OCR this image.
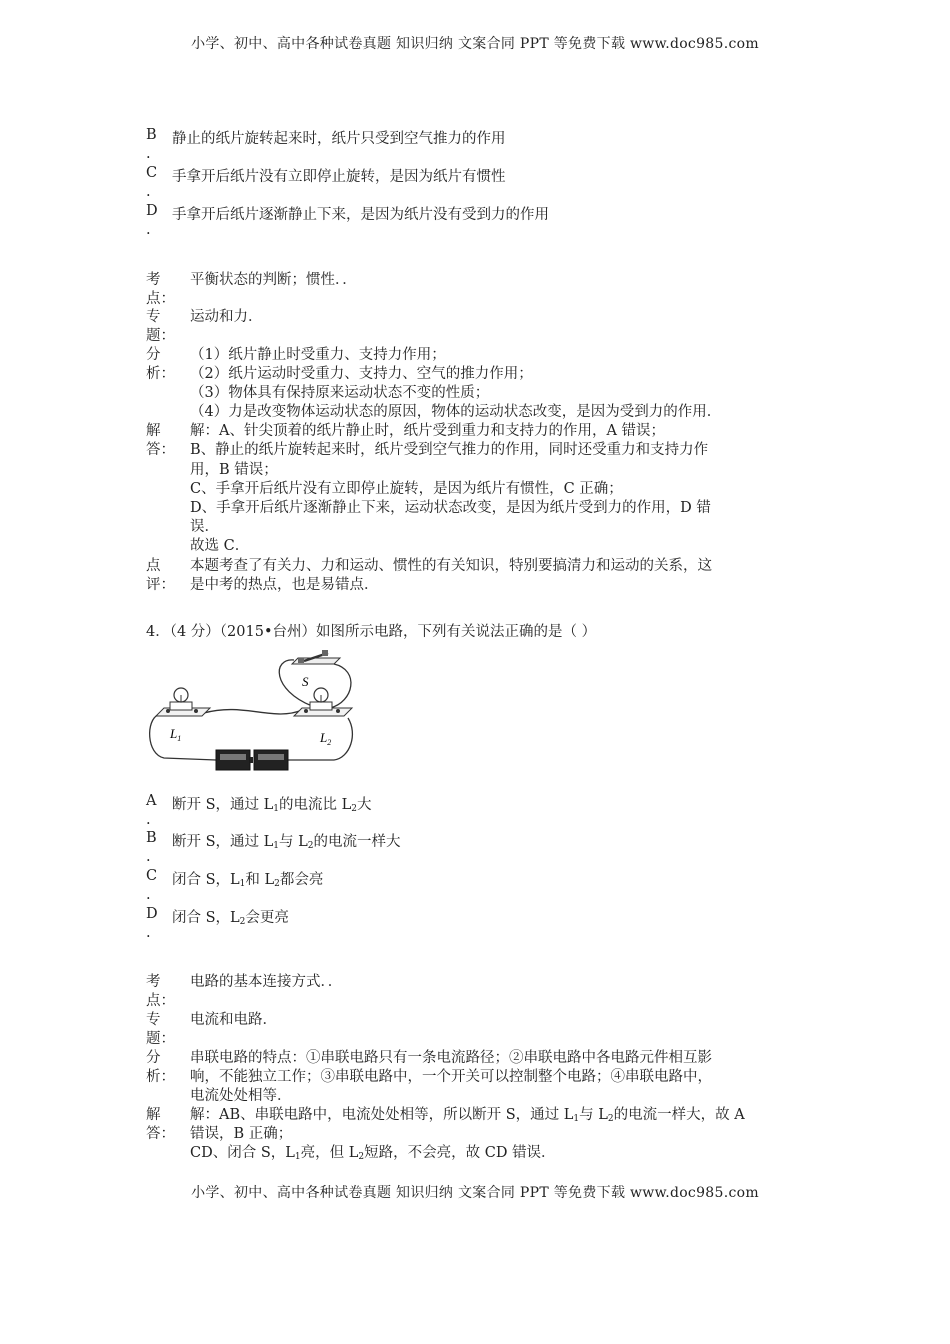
小学、初中、高中各种试卷真题 知识归纳 文案合同 PPT 等免费下载 www.doc985.com
B
.
静止的纸片旋转起来时，纸片只受到空气推力的作用
C
.
手拿开后纸片没有立即停止旋转，是因为纸片有惯性
D
.
手拿开后纸片逐渐静止下来，是因为纸片没有受到力的作用
考
点：
平衡状态的判断；惯性．．
专
题：
运动和力．
分
析：
（1）纸片静止时受重力、支持力作用；
（2）纸片运动时受重力、支持力、空气的推力作用；
（3）物体具有保持原来运动状态不变的性质；
（4）力是改变物体运动状态的原因，物体的运动状态改变，是因为受到力的作用．
解
答：
解：A、针尖顶着的纸片静止时，纸片受到重力和支持力的作用，A 错误；
B、静止的纸片旋转起来时，纸片受到空气推力的作用，同时还受重力和支持力作
用，B 错误；
C、手拿开后纸片没有立即停止旋转，是因为纸片有惯性，C 正确；
D、手拿开后纸片逐渐静止下来，运动状态改变，是因为纸片受到力的作用，D 错
误．
故选 C．
点
评：
本题考查了有关力、力和运动、惯性的有关知识，特别要搞清力和运动的关系，这
是中考的热点，也是易错点．
4．（4 分）（2015•台州）如图所示电路，下列有关说法正确的是（ ）
S
$L_1$	$L_2$
A
.
断开 S，通过 $L_1$的电流比 $L_2$大
B
.
断开 S，通过 $L_1$与 $L_2$的电流一样大
C
.
闭合 S，$L_1$和 $L_2$都会亮
D
.
闭合 S，$L_2$会更亮
考
点：
电路的基本连接方式．．
专
题：
电流和电路．
分
析：
串联电路的特点：①串联电路只有一条电流路径；②串联电路中各电路元件相互影
响，不能独立工作；③串联电路中，一个开关可以控制整个电路；④串联电路中，
电流处处相等．
解
答：
解：AB、串联电路中，电流处处相等，所以断开 S，通过 $L_1$与 $L_2$的电流一样大，故 A
错误，B 正确；
CD、闭合 S，$L_1$亮，但 $L_2$短路，不会亮，故 CD 错误．
小学、初中、高中各种试卷真题 知识归纳 文案合同 PPT 等免费下载 www.doc985.com
